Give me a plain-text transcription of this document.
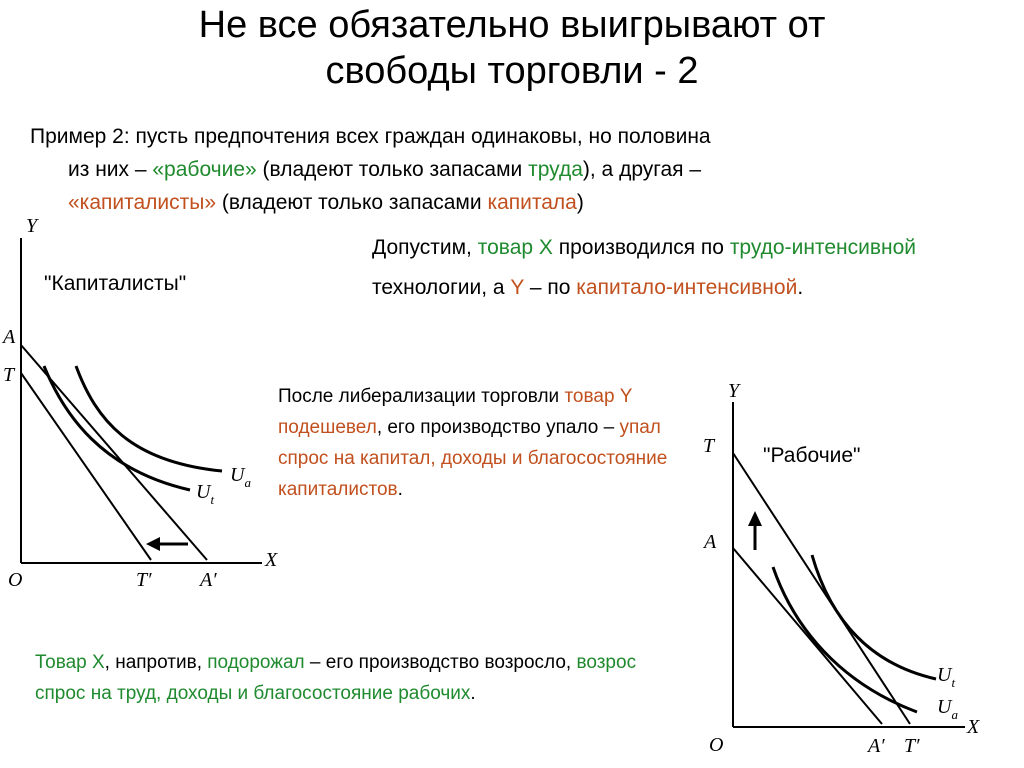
Не все обязательно выигрывают от
свободы торговли - 2
Пример 2: пусть предпочтения всех граждан одинаковы, но половина
из них – «рабочие» (владеют только запасами труда), а другая –
«капиталисты» (владеют только запасами капитала)
Допустим, товар X производился по трудо-интенсивной технологии, а Y – по капитало-интенсивной.
После либерализации торговли товар Y подешевел, его производство упало – упал спрос на капитал, доходы и благосостояние капиталистов.
Товар X, напротив, подорожал – его производство возросло, возрос спрос на труд, доходы и благосостояние рабочих.
"Капиталисты"
Y
X
O
A
T
T′ A′
$U_a$
$U_t$
"Рабочие"
Y
X
O
T
A
A′ T′
$U_t$
$U_a$
